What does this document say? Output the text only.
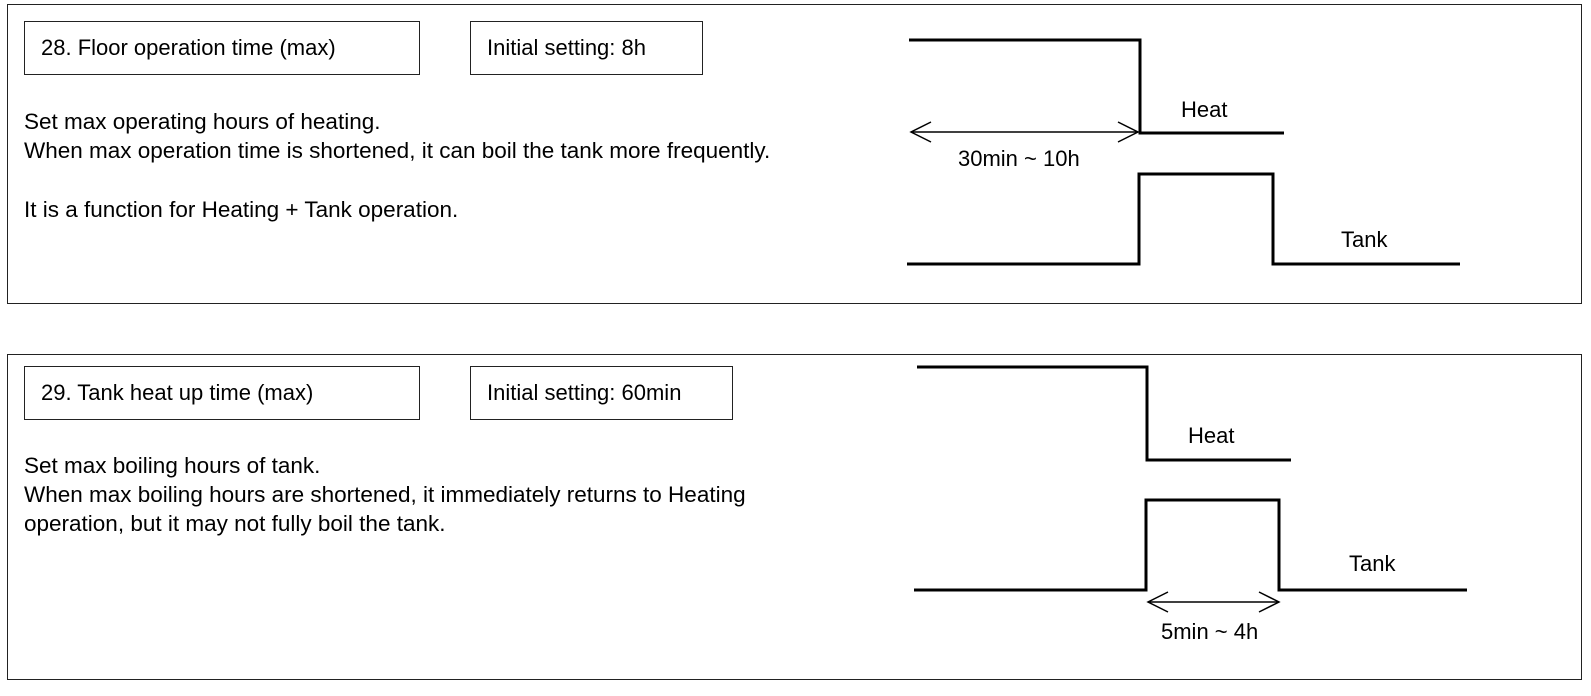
28. Floor operation time (max)	Initial setting: 8h
Set max operating hours of heating.
When max operation time is shortened, it can boil the tank more frequently.
It is a function for Heating + Tank operation.
Heat
30min ~ 10h
Tank
29. Tank heat up time (max)	Initial setting: 60min
Set max boiling hours of tank.
When max boiling hours are shortened, it immediately returns to Heating
operation, but it may not fully boil the tank.
Heat
Tank
5min ~ 4h
